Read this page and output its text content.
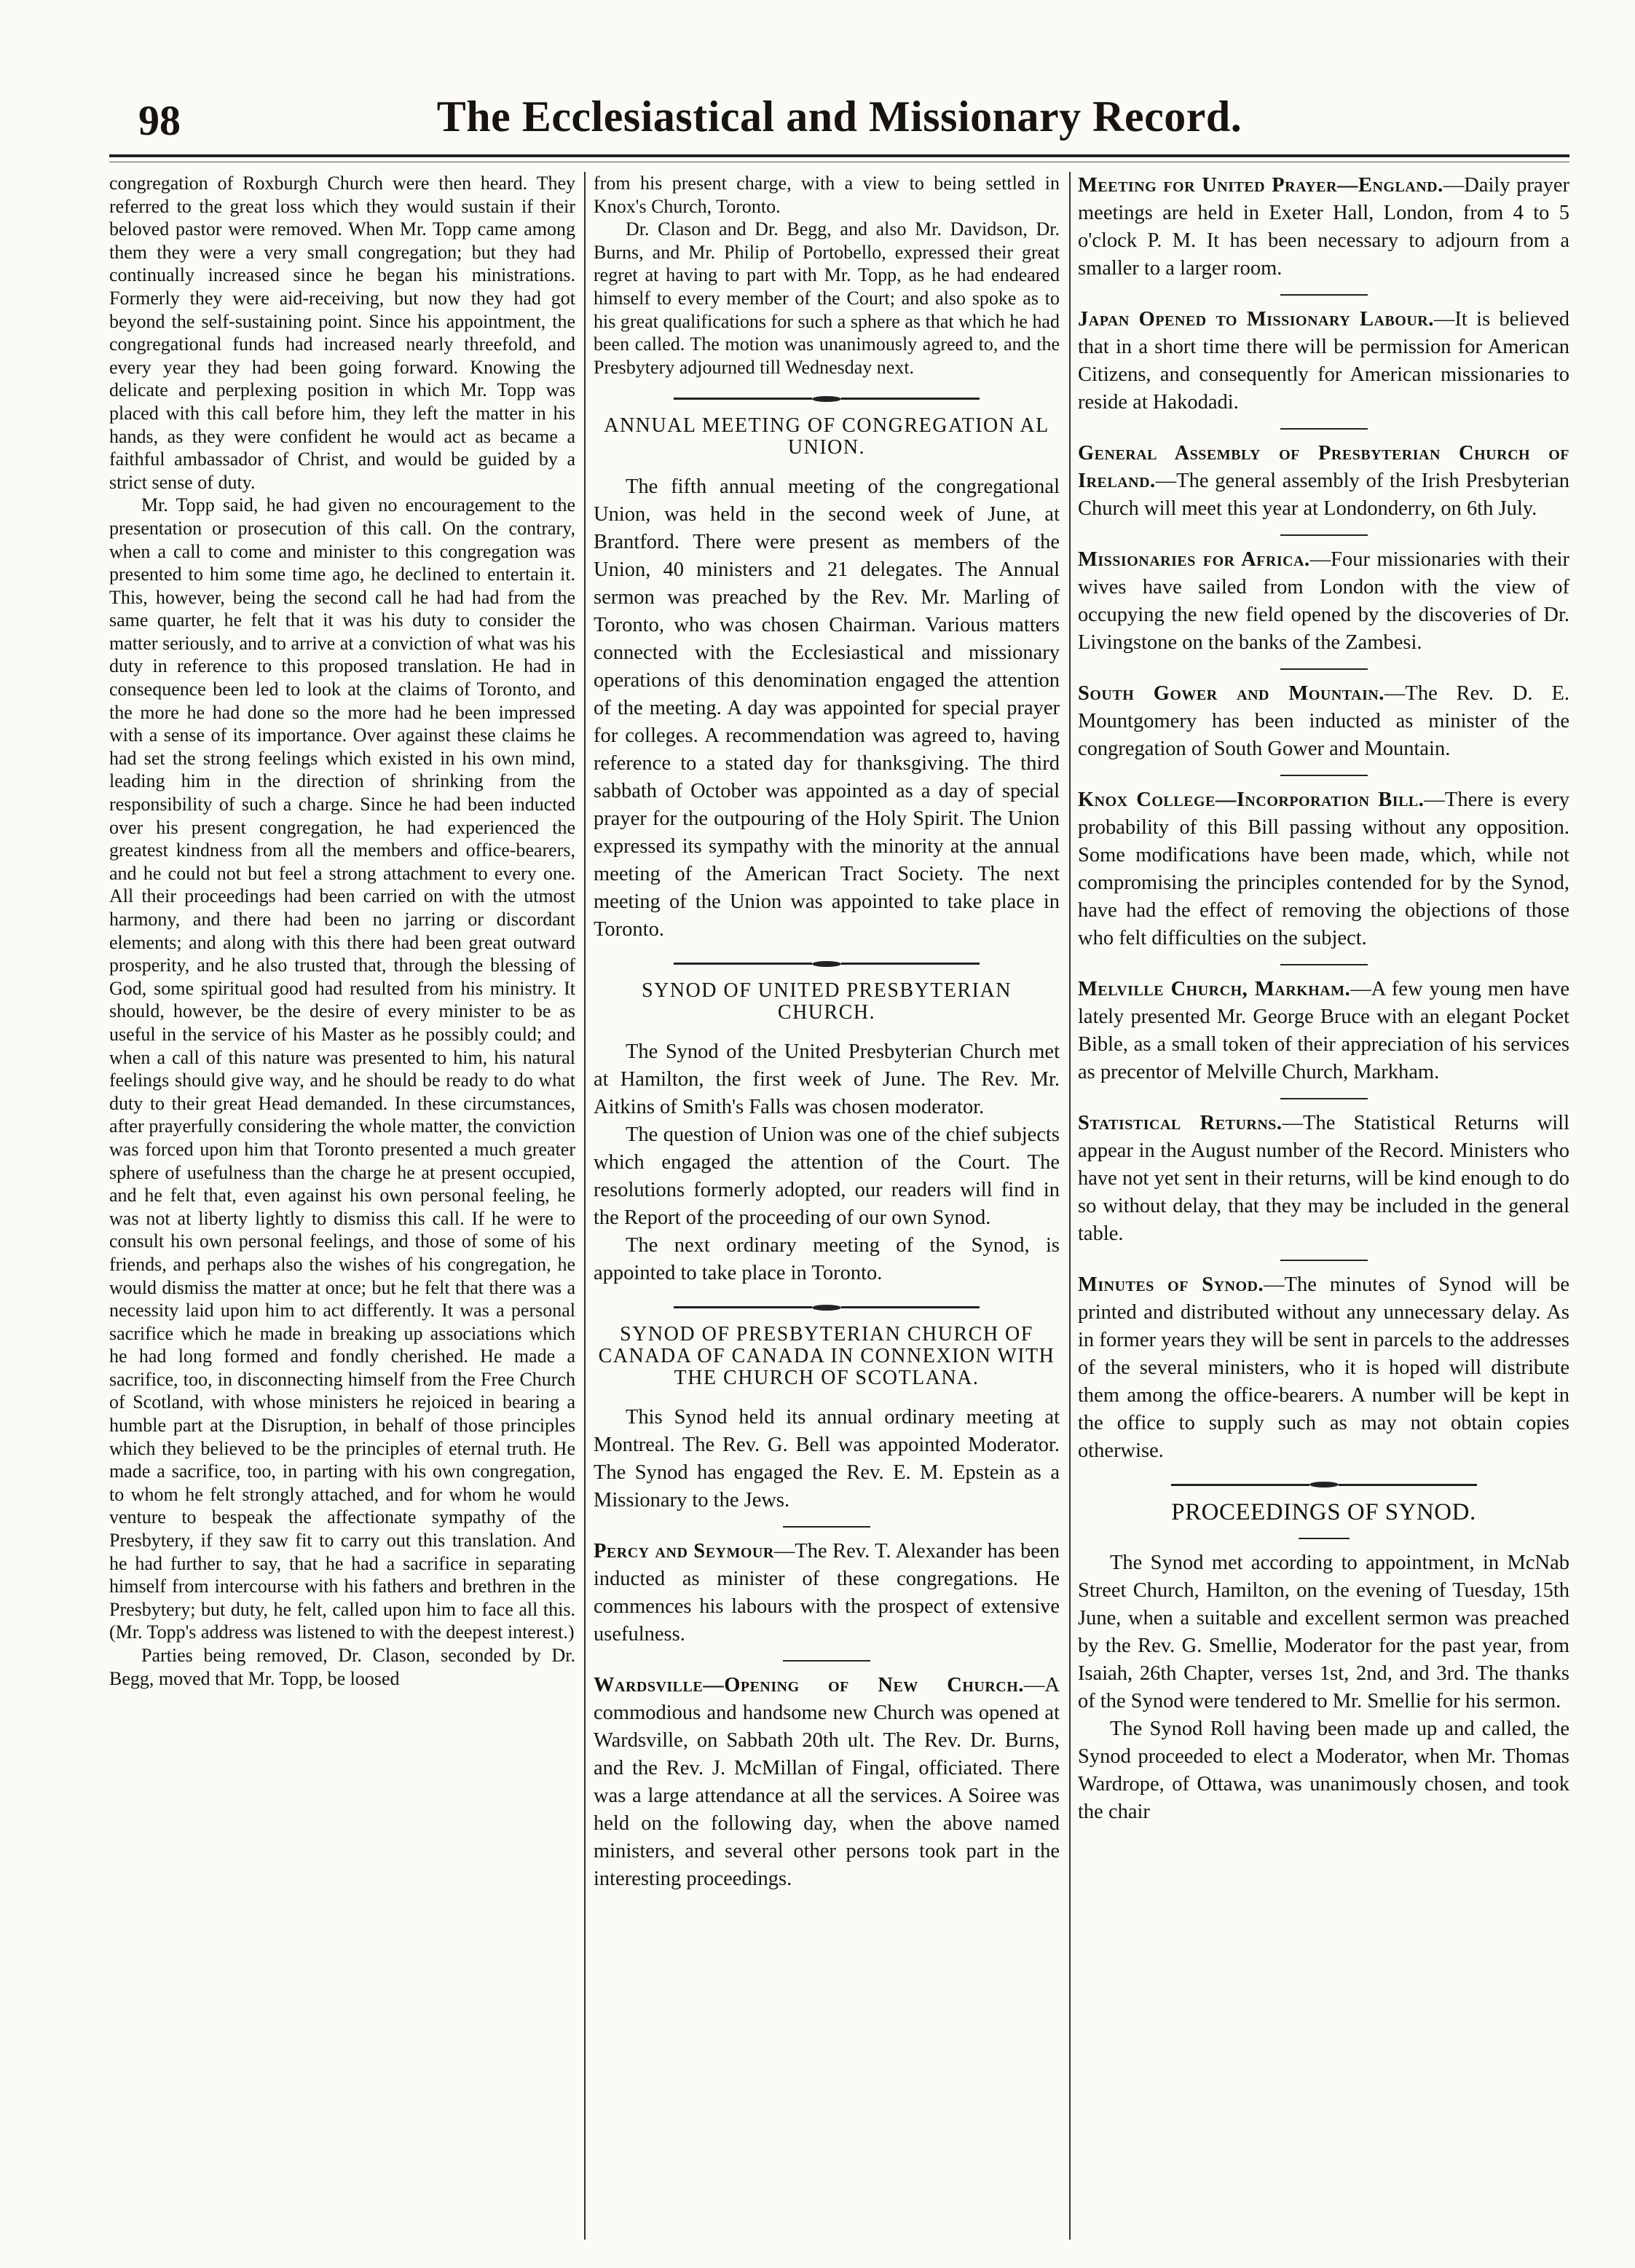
98	The Ecclesiastical and Missionary Record.

congregation of Roxburgh Church were then heard. They referred to the great loss which they would sustain if their beloved pastor were removed. When Mr. Topp came among them they were a very small congregation; but they had continually increased since he began his ministrations. Formerly they were aid-receiving, but now they had got beyond the self-sustaining point. Since his appointment, the congregational funds had increased nearly threefold, and every year they had been going forward. Knowing the delicate and perplexing position in which Mr. Topp was placed with this call before him, they left the matter in his hands, as they were confident he would act as became a faithful ambassador of Christ, and would be guided by a strict sense of duty.

Mr. Topp said, he had given no encouragement to the presentation or prosecution of this call. On the contrary, when a call to come and minister to this congregation was presented to him some time ago, he declined to entertain it. This, however, being the second call he had had from the same quarter, he felt that it was his duty to consider the matter seriously, and to arrive at a conviction of what was his duty in reference to this proposed translation. He had in consequence been led to look at the claims of Toronto, and the more he had done so the more had he been impressed with a sense of its importance. Over against these claims he had set the strong feelings which existed in his own mind, leading him in the direction of shrinking from the responsibility of such a charge. Since he had been inducted over his present congregation, he had experienced the greatest kindness from all the members and office-bearers, and he could not but feel a strong attachment to every one. All their proceedings had been carried on with the utmost harmony, and there had been no jarring or discordant elements; and along with this there had been great outward prosperity, and he also trusted that, through the blessing of God, some spiritual good had resulted from his ministry. It should, however, be the desire of every minister to be as useful in the service of his Master as he possibly could; and when a call of this nature was presented to him, his natural feelings should give way, and he should be ready to do what duty to their great Head demanded. In these circumstances, after prayerfully considering the whole matter, the conviction was forced upon him that Toronto presented a much greater sphere of usefulness than the charge he at present occupied, and he felt that, even against his own personal feeling, he was not at liberty lightly to dismiss this call. If he were to consult his own personal feelings, and those of some of his friends, and perhaps also the wishes of his congregation, he would dismiss the matter at once; but he felt that there was a necessity laid upon him to act differently. It was a personal sacrifice which he made in breaking up associations which he had long formed and fondly cherished. He made a sacrifice, too, in disconnecting himself from the Free Church of Scotland, with whose ministers he rejoiced in bearing a humble part at the Disruption, in behalf of those principles which they believed to be the principles of eternal truth. He made a sacrifice, too, in parting with his own congregation, to whom he felt strongly attached, and for whom he would venture to bespeak the affectionate sympathy of the Presbytery, if they saw fit to carry out this translation. And he had further to say, that he had a sacrifice in separating himself from intercourse with his fathers and brethren in the Presbytery; but duty, he felt, called upon him to face all this. (Mr. Topp's address was listened to with the deepest interest.)

Parties being removed, Dr. Clason, seconded by Dr. Begg, moved that Mr. Topp, be loosed

from his present charge, with a view to being settled in Knox's Church, Toronto.

Dr. Clason and Dr. Begg, and also Mr. Davidson, Dr. Burns, and Mr. Philip of Portobello, expressed their great regret at having to part with Mr. Topp, as he had endeared himself to every member of the Court; and also spoke as to his great qualifications for such a sphere as that which he had been called. The motion was unanimously agreed to, and the Presbytery adjourned till Wednesday next.

ANNUAL MEETING OF CONGREGATION AL UNION.

The fifth annual meeting of the congregational Union, was held in the second week of June, at Brantford. There were present as members of the Union, 40 ministers and 21 delegates. The Annual sermon was preached by the Rev. Mr. Marling of Toronto, who was chosen Chairman. Various matters connected with the Ecclesiastical and missionary operations of this denomination engaged the attention of the meeting. A day was appointed for special prayer for colleges. A recommendation was agreed to, having reference to a stated day for thanksgiving. The third sabbath of October was appointed as a day of special prayer for the outpouring of the Holy Spirit. The Union expressed its sympathy with the minority at the annual meeting of the American Tract Society. The next meeting of the Union was appointed to take place in Toronto.

SYNOD OF UNITED PRESBYTERIAN CHURCH.

The Synod of the United Presbyterian Church met at Hamilton, the first week of June. The Rev. Mr. Aitkins of Smith's Falls was chosen moderator.

The question of Union was one of the chief subjects which engaged the attention of the Court. The resolutions formerly adopted, our readers will find in the Report of the proceeding of our own Synod.

The next ordinary meeting of the Synod, is appointed to take place in Toronto.

SYNOD OF PRESBYTERIAN CHURCH OF CANADA OF CANADA IN CONNEXION WITH THE CHURCH OF SCOTLANA.

This Synod held its annual ordinary meeting at Montreal. The Rev. G. Bell was appointed Moderator. The Synod has engaged the Rev. E. M. Epstein as a Missionary to the Jews.

Percy and Seymour—The Rev. T. Alexander has been inducted as minister of these congregations. He commences his labours with the prospect of extensive usefulness.

Wardsville—Opening of New Church.—A commodious and handsome new Church was opened at Wardsville, on Sabbath 20th ult. The Rev. Dr. Burns, and the Rev. J. McMillan of Fingal, officiated. There was a large attendance at all the services. A Soiree was held on the following day, when the above named ministers, and several other persons took part in the interesting proceedings.

Meeting for United Prayer—England.—Daily prayer meetings are held in Exeter Hall, London, from 4 to 5 o'clock P. M. It has been necessary to adjourn from a smaller to a larger room.

Japan Opened to Missionary Labour.—It is believed that in a short time there will be permission for American Citizens, and consequently for American missionaries to reside at Hakodadi.

General Assembly of Presbyterian Church of Ireland.—The general assembly of the Irish Presbyterian Church will meet this year at Londonderry, on 6th July.

Missionaries for Africa.—Four missionaries with their wives have sailed from London with the view of occupying the new field opened by the discoveries of Dr. Livingstone on the banks of the Zambesi.

South Gower and Mountain.—The Rev. D. E. Mountgomery has been inducted as minister of the congregation of South Gower and Mountain.

Knox College—Incorporation Bill.—There is every probability of this Bill passing without any opposition. Some modifications have been made, which, while not compromising the principles contended for by the Synod, have had the effect of removing the objections of those who felt difficulties on the subject.

Melville Church, Markham.—A few young men have lately presented Mr. George Bruce with an elegant Pocket Bible, as a small token of their appreciation of his services as precentor of Melville Church, Markham.

Statistical Returns.—The Statistical Returns will appear in the August number of the Record. Ministers who have not yet sent in their returns, will be kind enough to do so without delay, that they may be included in the general table.

Minutes of Synod.—The minutes of Synod will be printed and distributed without any unnecessary delay. As in former years they will be sent in parcels to the addresses of the several ministers, who it is hoped will distribute them among the office-bearers. A number will be kept in the office to supply such as may not obtain copies otherwise.

PROCEEDINGS OF SYNOD.

The Synod met according to appointment, in McNab Street Church, Hamilton, on the evening of Tuesday, 15th June, when a suitable and excellent sermon was preached by the Rev. G. Smellie, Moderator for the past year, from Isaiah, 26th Chapter, verses 1st, 2nd, and 3rd. The thanks of the Synod were tendered to Mr. Smellie for his sermon.

The Synod Roll having been made up and called, the Synod proceeded to elect a Moderator, when Mr. Thomas Wardrope, of Ottawa, was unanimously chosen, and took the chair
